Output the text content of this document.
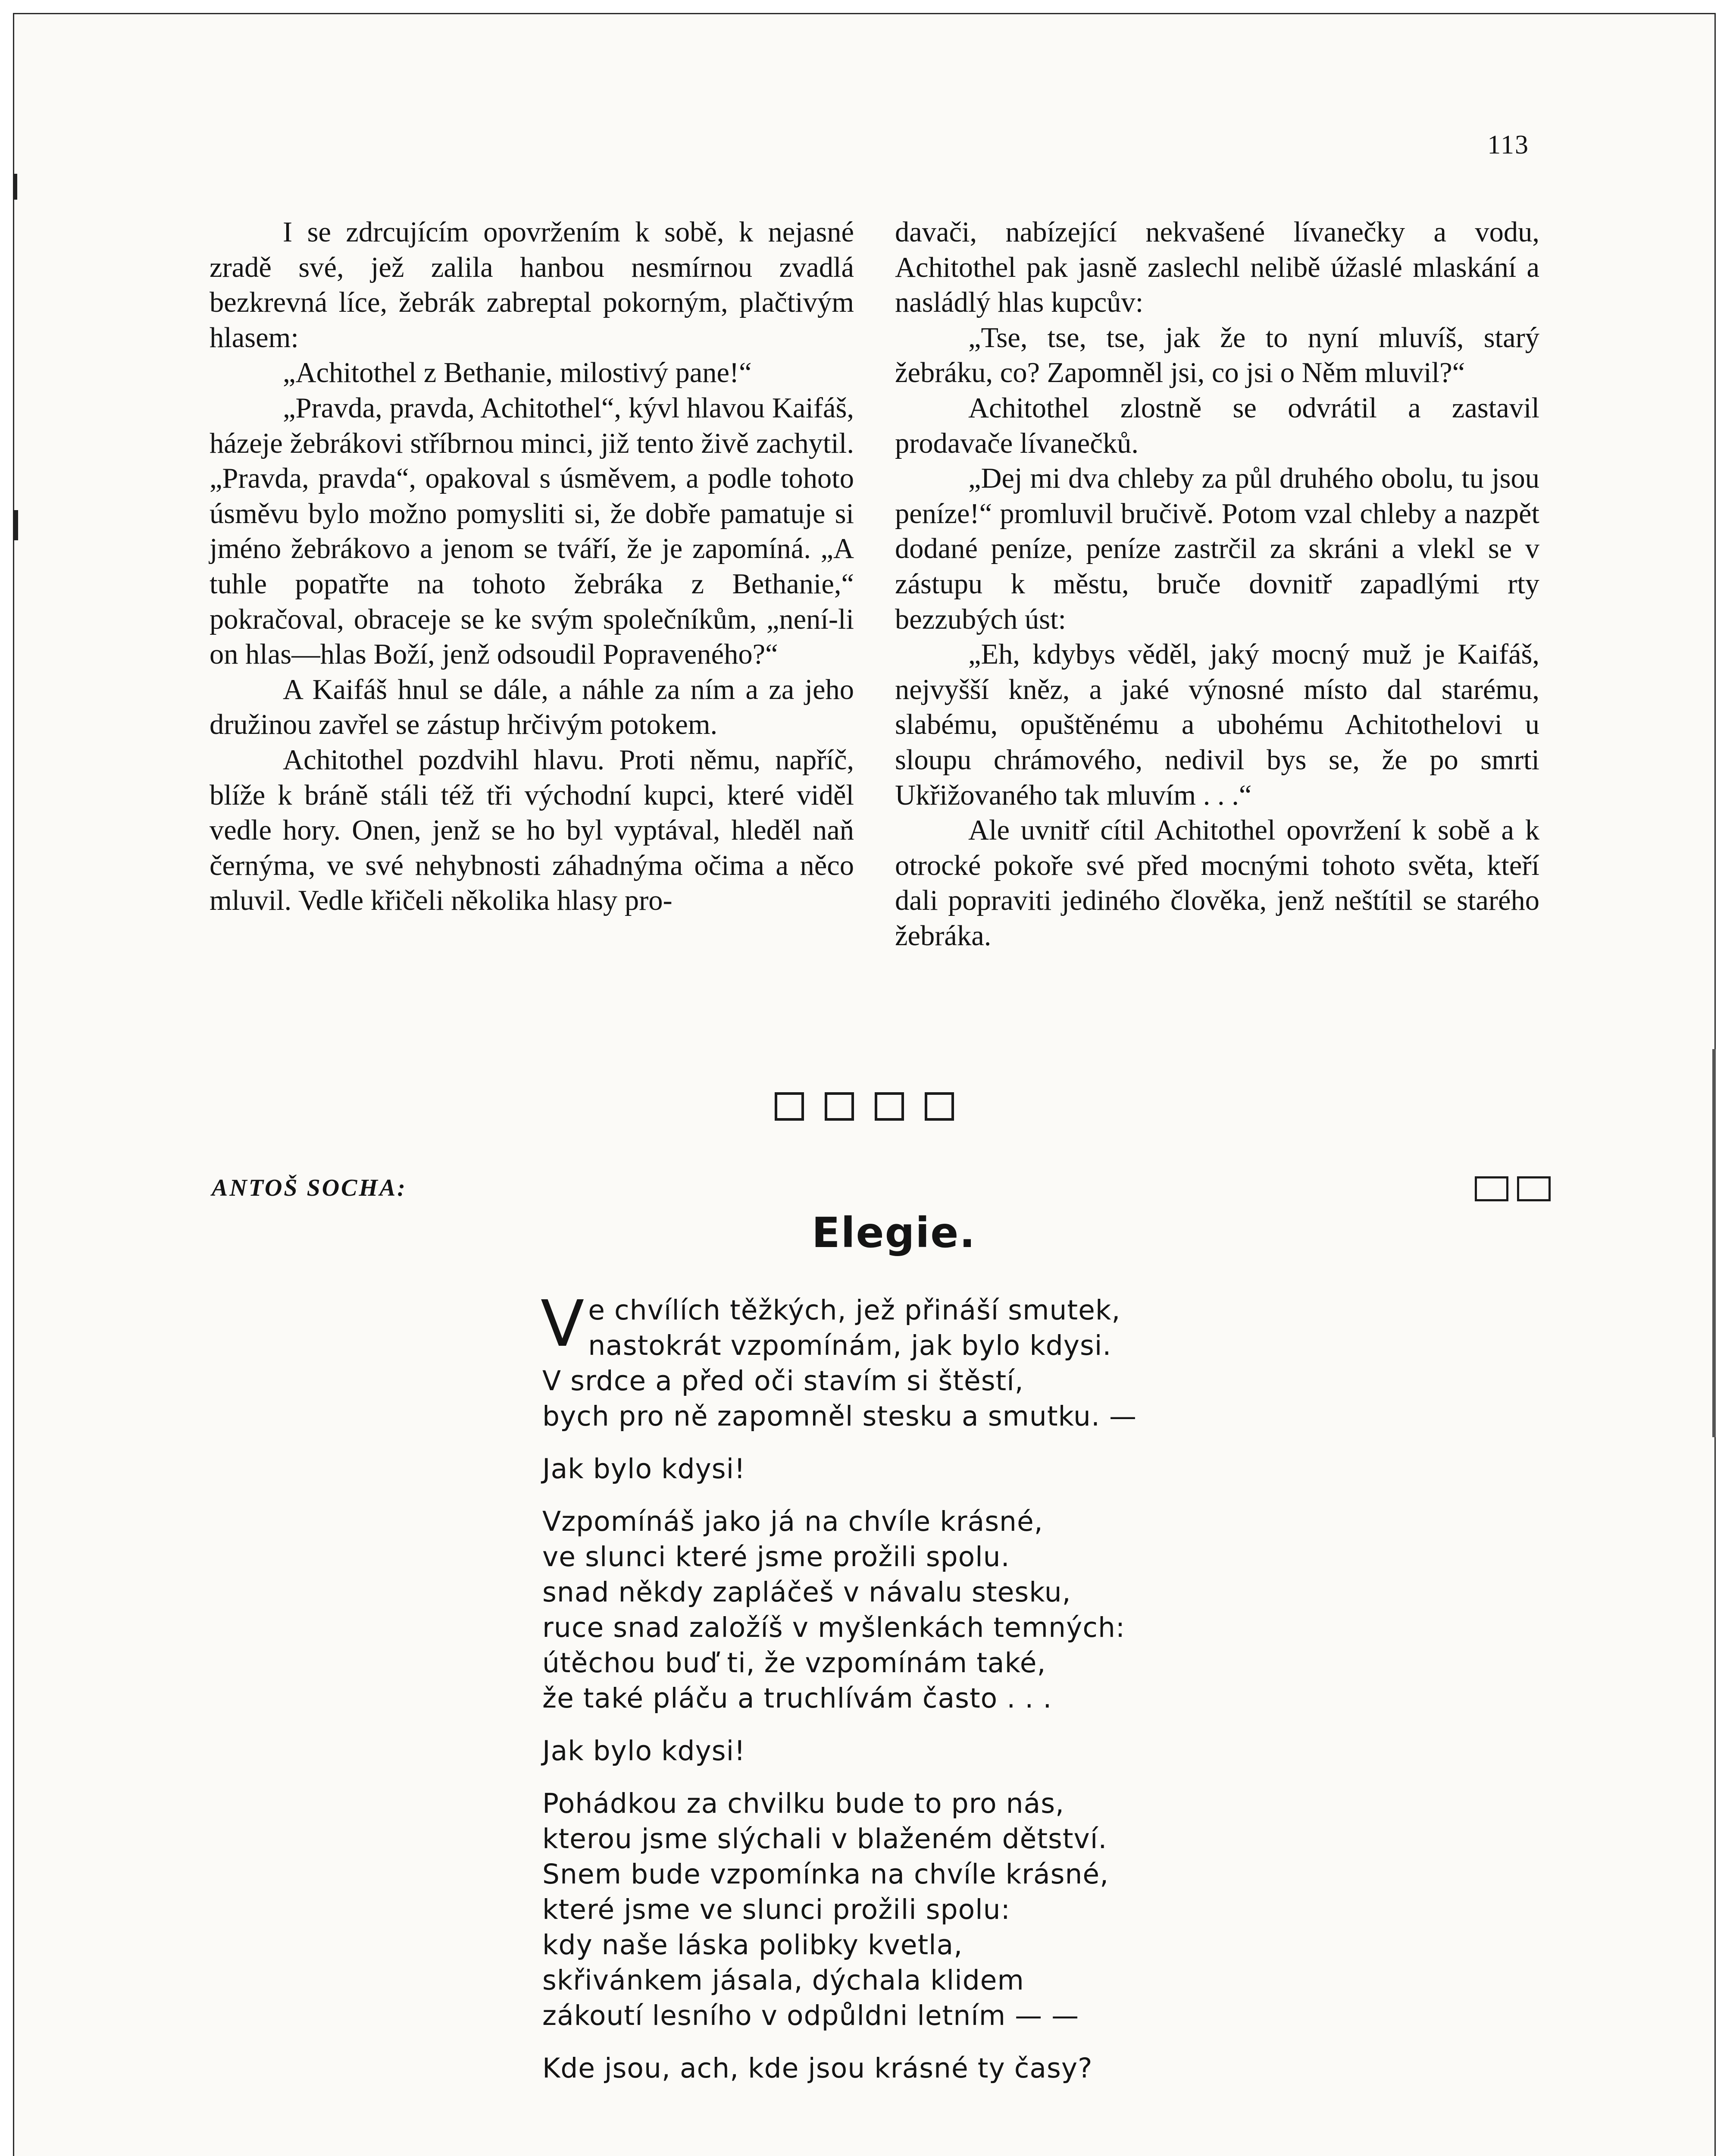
113

I se zdrcujícím opovržením k sobě, k nejasné zradě své, jež zalila hanbou nesmírnou zvadlá bezkrevná líce, žebrák zabreptal pokorným, plačtivým hlasem:

„Achitothel z Bethanie, milostivý pane!“

„Pravda, pravda, Achitothel“, kývl hlavou Kaifáš, házeje žebrákovi stříbrnou minci, již tento živě zachytil. „Pravda, pravda“, opakoval s úsměvem, a podle tohoto úsměvu bylo možno pomysliti si, že dobře pamatuje si jméno žebrákovo a jenom se tváří, že je zapomíná. „A tuhle popatřte na tohoto žebráka z Bethanie,“ pokračoval, obraceje se ke svým společníkům, „není-li on hlas—hlas Boží, jenž odsoudil Popraveného?“

A Kaifáš hnul se dále, a náhle za ním a za jeho družinou zavřel se zástup hrčivým potokem.

Achitothel pozdvihl hlavu. Proti němu, napříč, blíže k bráně stáli též tři východní kupci, které viděl vedle hory. Onen, jenž se ho byl vyptával, hleděl naň černýma, ve své nehybnosti záhadnýma očima a něco mluvil. Vedle křičeli několika hlasy pro-

davači, nabízející nekvašené lívanečky a vodu, Achitothel pak jasně zaslechl nelibě úžaslé mlaskání a nasládlý hlas kupcův:

„Tse, tse, tse, jak že to nyní mluvíš, starý žebráku, co? Zapomněl jsi, co jsi o Něm mluvil?“

Achitothel zlostně se odvrátil a zastavil prodavače lívanečků.

„Dej mi dva chleby za půl druhého obolu, tu jsou peníze!“ promluvil bručivě. Potom vzal chleby a nazpět dodané peníze, peníze zastrčil za skráni a vlekl se v zástupu k městu, bruče dovnitř zapadlými rty bezzubých úst:

„Eh, kdybys věděl, jaký mocný muž je Kaifáš, nejvyšší kněz, a jaké výnosné místo dal starému, slabému, opuštěnému a ubohému Achitothelovi u sloupu chrámového, nedivil bys se, že po smrti Ukřižovaného tak mluvím . . .“

Ale uvnitř cítil Achitothel opovržení k sobě a k otrocké pokoře své před mocnými tohoto světa, kteří dali popraviti jediného člověka, jenž neštítil se starého žebráka.

ANTOŠ SOCHA:
Elegie.
V e chvílích těžkých, jež přináší smutek,
nastokrát vzpomínám, jak bylo kdysi.
V srdce a před oči stavím si štěstí,
bych pro ně zapomněl stesku a smutku. —
Jak bylo kdysi!
Vzpomínáš jako já na chvíle krásné,
ve slunci které jsme prožili spolu.
snad někdy zapláčeš v návalu stesku,
ruce snad založíš v myšlenkách temných:
útěchou buď ti, že vzpomínám také,
že také pláču a truchlívám často . . .
Jak bylo kdysi!
Pohádkou za chvilku bude to pro nás,
kterou jsme slýchali v blaženém dětství.
Snem bude vzpomínka na chvíle krásné,
které jsme ve slunci prožili spolu:
kdy naše láska polibky kvetla,
skřivánkem jásala, dýchala klidem
zákoutí lesního v odpůldni letním — —
Kde jsou, ach, kde jsou krásné ty časy?
